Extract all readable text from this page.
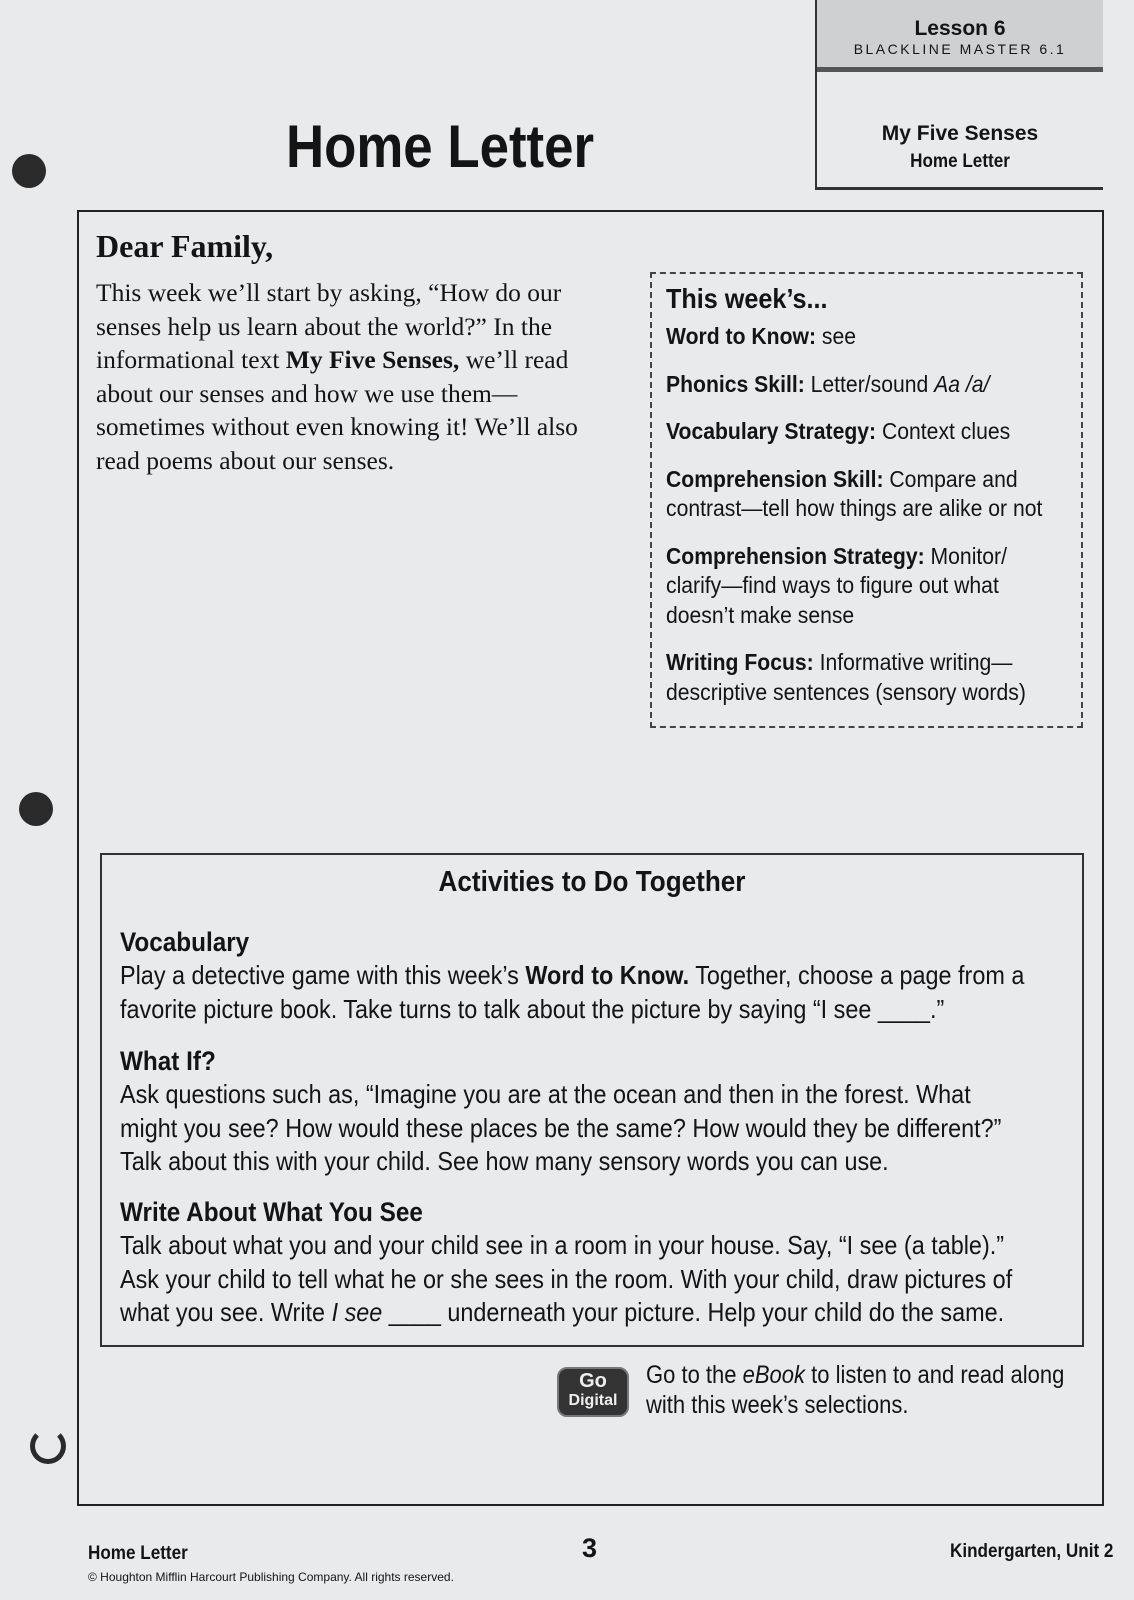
Lesson 6
BLACKLINE MASTER 6.1
My Five Senses
Home Letter
Home Letter
Dear Family,
This week we’ll start by asking, “How do our senses help us learn about the world?” In the informational text My Five Senses, we’ll read about our senses and how we use them—sometimes without even knowing it! We’ll also read poems about our senses.
This week’s...
Word to Know: see
Phonics Skill: Letter/sound Aa /a/
Vocabulary Strategy: Context clues
Comprehension Skill: Compare and contrast—tell how things are alike or not
Comprehension Strategy: Monitor/ clarify—find ways to figure out what doesn’t make sense
Writing Focus: Informative writing—descriptive sentences (sensory words)
Activities to Do Together
Vocabulary
Play a detective game with this week’s Word to Know. Together, choose a page from a favorite picture book. Take turns to talk about the picture by saying “I see ____.”
What If?
Ask questions such as, “Imagine you are at the ocean and then in the forest. What might you see? How would these places be the same? How would they be different?” Talk about this with your child. See how many sensory words you can use.
Write About What You See
Talk about what you and your child see in a room in your house. Say, “I see (a table).” Ask your child to tell what he or she sees in the room. With your child, draw pictures of what you see. Write I see ____ underneath your picture. Help your child do the same.
Go
Digital
Go to the eBook to listen to and read along with this week’s selections.
Home Letter
© Houghton Mifflin Harcourt Publishing Company. All rights reserved.
3	Kindergarten, Unit 2
